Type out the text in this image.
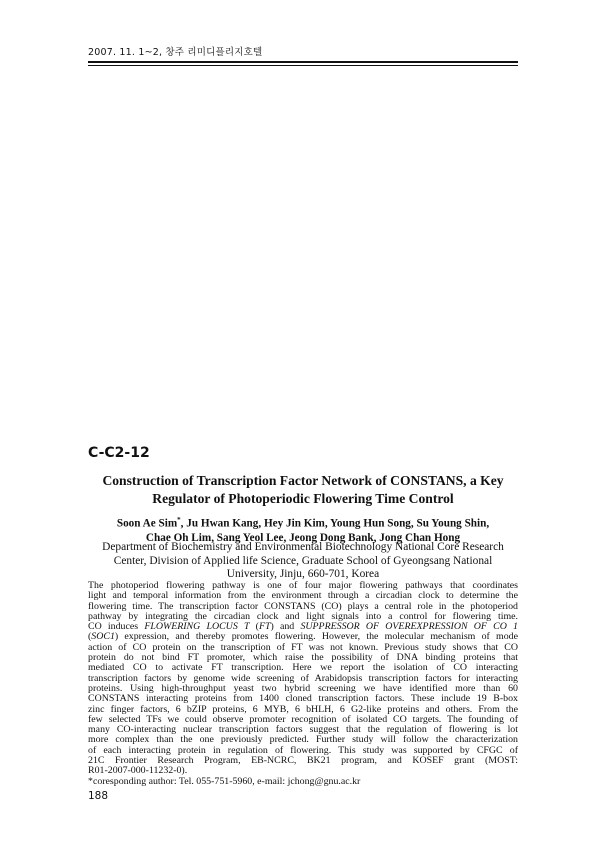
2007. 11. 1~2, 창주 리미디플리지호텔
C-C2-12
Construction of Transcription Factor Network of CONSTANS, a Key
Regulator of Photoperiodic Flowering Time Control
Soon Ae Sim*, Ju Hwan Kang, Hey Jin Kim, Young Hun Song, Su Young Shin,
Chae Oh Lim, Sang Yeol Lee, Jeong Dong Bank, Jong Chan Hong
Department of Biochemistry and Environmental Biotechnology National Core Research
Center, Division of Applied life Science, Graduate School of Gyeongsang National
University, Jinju, 660-701, Korea
The photoperiod flowering pathway is one of four major flowering pathways that coordinates
light and temporal information from the environment through a circadian clock to determine the
flowering time. The transcription factor CONSTANS (CO) plays a central role in the photoperiod
pathway by integrating the circadian clock and light signals into a control for flowering time.
CO induces FLOWERING LOCUS T (FT) and SUPPRESSOR OF OVEREXPRESSION OF CO 1
(SOC1) expression, and thereby promotes flowering. However, the molecular mechanism of mode
action of CO protein on the transcription of FT was not known. Previous study shows that CO
protein do not bind FT promoter, which raise the possibility of DNA binding proteins that
mediated CO to activate FT transcription. Here we report the isolation of CO interacting
transcription factors by genome wide screening of Arabidopsis transcription factors for interacting
proteins. Using high-throughput yeast two hybrid screening we have identified more than 60
CONSTANS interacting proteins from 1400 cloned transcription factors. These include 19 B-box
zinc finger factors, 6 bZIP proteins, 6 MYB, 6 bHLH, 6 G2-like proteins and others. From the
few selected TFs we could observe promoter recognition of isolated CO targets. The founding of
many CO-interacting nuclear transcription factors suggest that the regulation of flowering is lot
more complex than the one previously predicted. Further study will follow the characterization
of each interacting protein in regulation of flowering. This study was supported by CFGC of
21C Frontier Research Program, EB-NCRC, BK21 program, and KOSEF grant (MOST:
R01-2007-000-11232-0).
*coresponding author: Tel. 055-751-5960, e-mail: jchong@gnu.ac.kr
188
